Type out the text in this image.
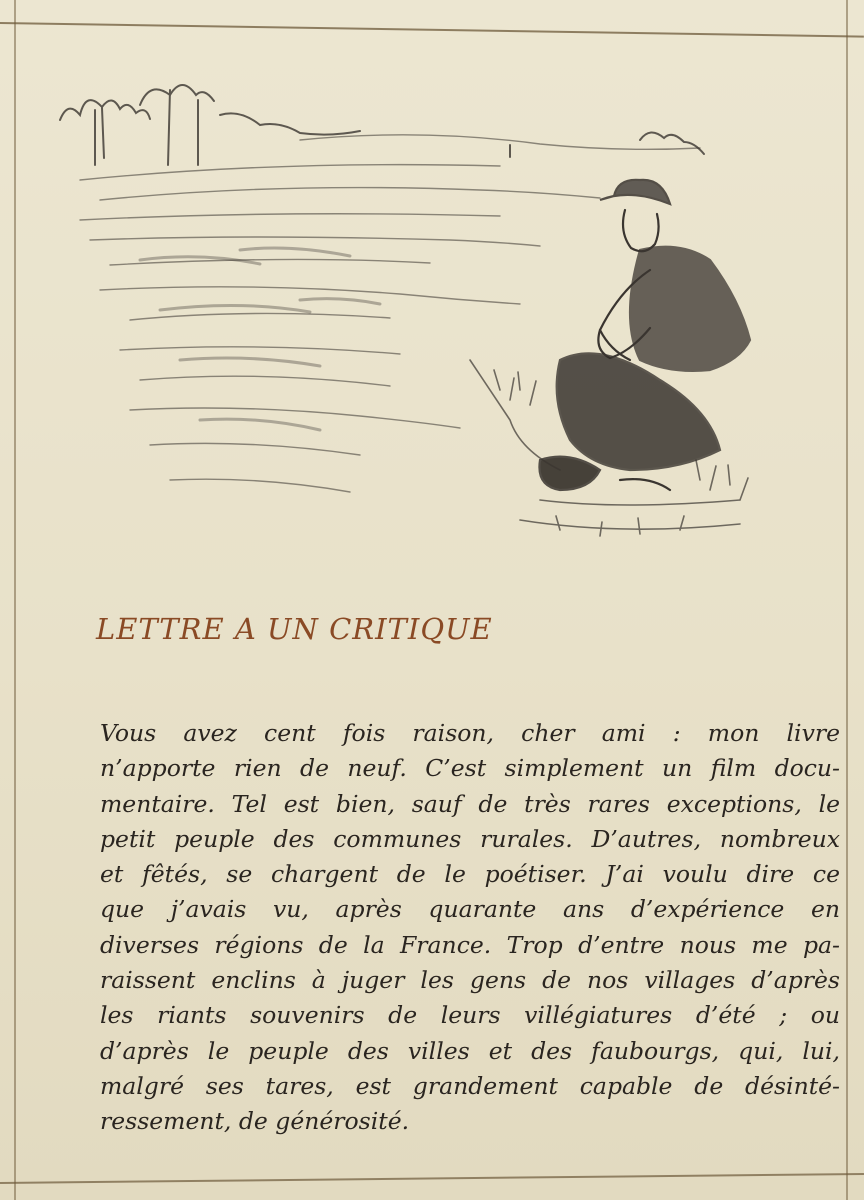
LETTRE A UN CRITIQUE
Vous avez cent fois raison, cher ami : mon livre
n’apporte rien de neuf. C’est simplement un film docu-
mentaire. Tel est bien, sauf de très rares exceptions, le
petit peuple des communes rurales. D’autres, nombreux
et fêtés, se chargent de le poétiser. J’ai voulu dire ce
que j’avais vu, après quarante ans d’expérience en
diverses régions de la France. Trop d’entre nous me pa-
raissent enclins à juger les gens de nos villages d’après
les riants souvenirs de leurs villégiatures d’été ; ou
d’après le peuple des villes et des faubourgs, qui, lui,
malgré ses tares, est grandement capable de désinté-
ressement, de générosité.
